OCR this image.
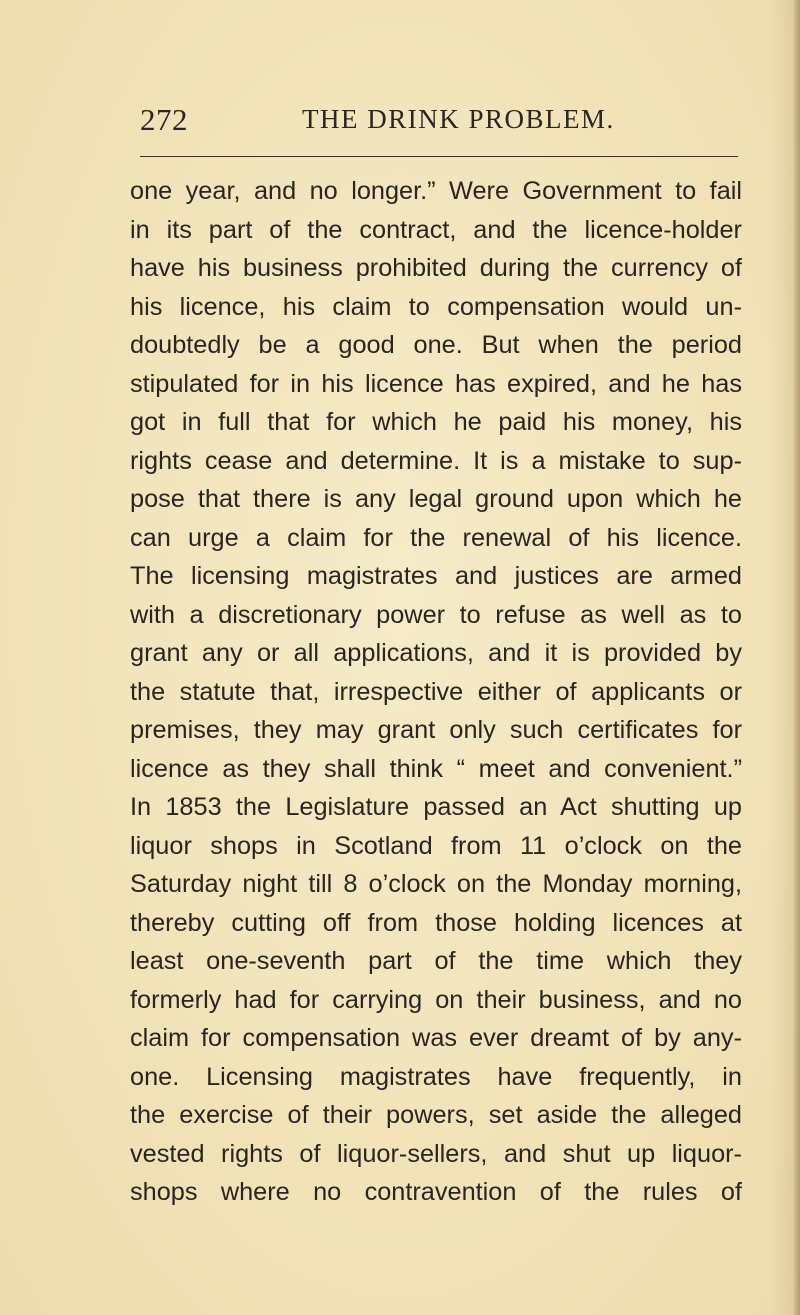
272	THE DRINK PROBLEM.
one year, and no longer.” Were Government to fail
in its part of the contract, and the licence-holder
have his business prohibited during the currency of
his licence, his claim to compensation would un-
doubtedly be a good one. But when the period
stipulated for in his licence has expired, and he has
got in full that for which he paid his money, his
rights cease and determine. It is a mistake to sup-
pose that there is any legal ground upon which he
can urge a claim for the renewal of his licence.
The licensing magistrates and justices are armed
with a discretionary power to refuse as well as to
grant any or all applications, and it is provided by
the statute that, irrespective either of applicants or
premises, they may grant only such certificates for
licence as they shall think “ meet and convenient.”
In 1853 the Legislature passed an Act shutting up
liquor shops in Scotland from 11 o’clock on the
Saturday night till 8 o’clock on the Monday morning,
thereby cutting off from those holding licences at
least one-seventh part of the time which they
formerly had for carrying on their business, and no
claim for compensation was ever dreamt of by any-
one. Licensing magistrates have frequently, in
the exercise of their powers, set aside the alleged
vested rights of liquor-sellers, and shut up liquor-
shops where no contravention of the rules of
